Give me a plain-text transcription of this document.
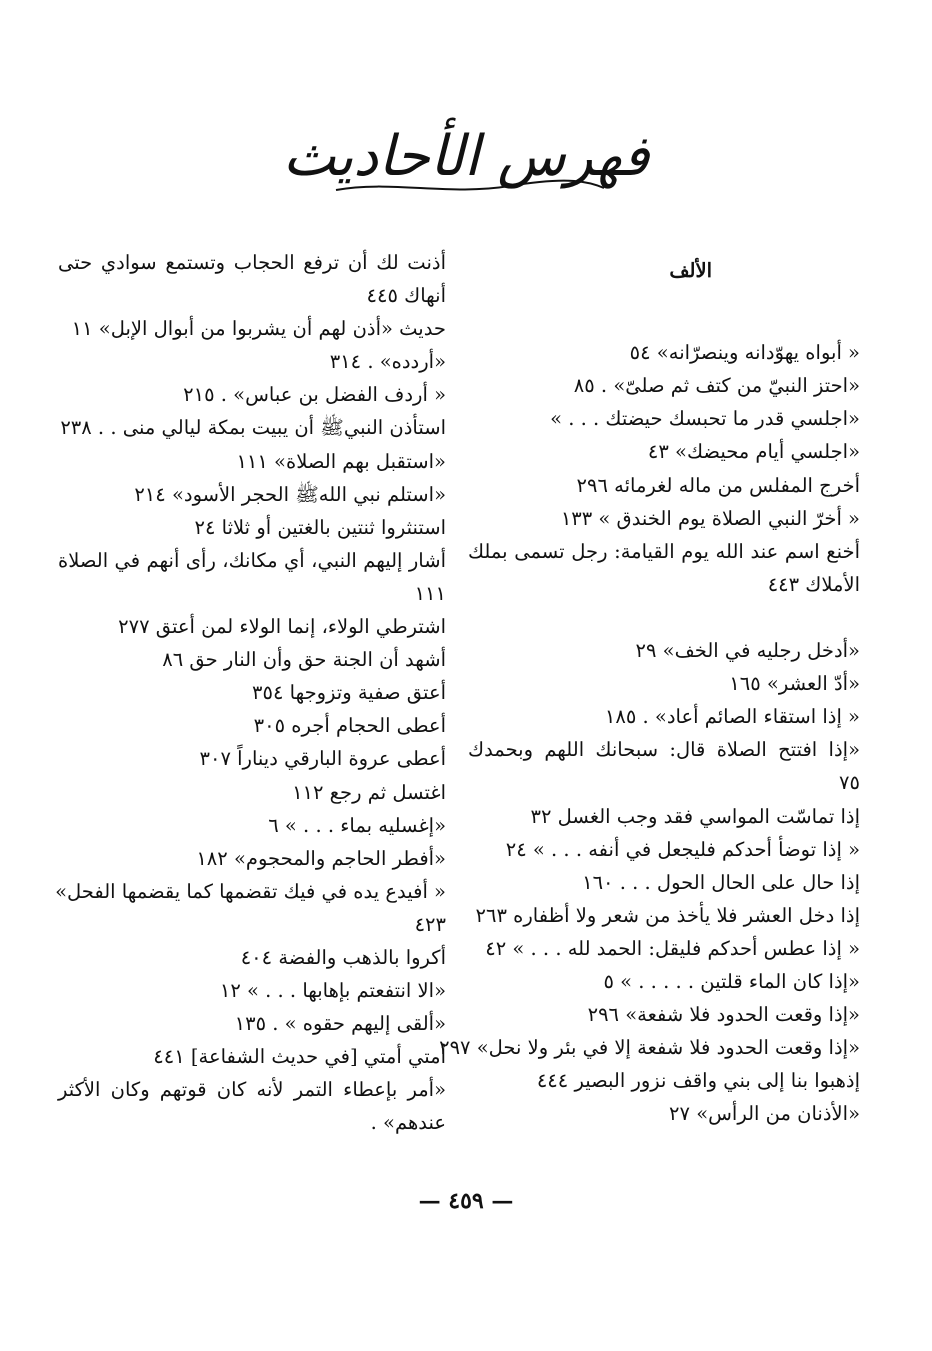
فهرس الأحاديث
الألف
« أبواه يهوّدانه وينصرّانه» ٥٤
«احتز النبيّ من كتف ثم صلىّ» . ٨٥
«اجلسي قدر ما تحبسك حيضتك . . . »
«اجلسي أيام محيضك» ٤٣
أخرج المفلس من ماله لغرمائه ٢٩٦
« أخرّ النبي الصلاة يوم الخندق » ١٣٣
أخنع اسم عند الله يوم القيامة: رجل تسمى بملك
الأملاك ٤٤٣
«أدخل رجليه في الخف» ٢٩
«أدّ العشر» ١٦٥
« إذا استقاء الصائم أعاد» . ١٨٥
«إذا افتتح الصلاة قال: سبحانك اللهم وبحمدك
٧٥
إذا تماسّت المواسي فقد وجب الغسل ٣٢
« إذا توضأ أحدكم فليجعل في أنفه . . . » ٢٤
إذا حال على الحال الحول . . . ١٦٠
إذا دخل العشر فلا يأخذ من شعر ولا أظفاره ٢٦٣
« إذا عطس أحدكم فليقل: الحمد لله . . . » ٤٢
«إذا كان الماء قلتين . . . . . » ٥
«إذا وقعت الحدود فلا شفعة» ٢٩٦
«إذا وقعت الحدود فلا شفعة إلا في بئر ولا نحل» ٢٩٧
إذهبوا بنا إلى بني واقف نزور البصير ٤٤٤
«الأذنان من الرأس» ٢٧
أذنت لك أن ترفع الحجاب وتستمع سوادي حتى
أنهاك ٤٤٥
حديث «أذن لهم أن يشربوا من أبوال الإبل» ١١
«أردده» . ٣١٤
« أردف الفضل بن عباس» . ٢١٥
استأذن النبيﷺ أن يبيت بمكة ليالي منى . . ٢٣٨
«استقبل بهم الصلاة» ١١١
«استلم نبي اللهﷺ الحجر الأسود» ٢١٤
استنثروا ثنتين بالغتين أو ثلاثا ٢٤
أشار إليهم النبي، أي مكانك، رأى أنهم في الصلاة
١١١
اشترطي الولاء، إنما الولاء لمن أعتق ٢٧٧
أشهد أن الجنة حق وأن النار حق ٨٦
أعتق صفية وتزوجها ٣٥٤
أعطى الحجام أجره ٣٠٥
أعطى عروة البارقي ديناراً ٣٠٧
اغتسل ثم رجع ١١٢
«إغسليه بماء . . . » ٦
«أفطر الحاجم والمحجوم» ١٨٢
« أفيدع يده في فيك تقضمها كما يقضمها الفحل»
٤٢٣
أكروا بالذهب والفضة ٤٠٤
«الا انتفعتم بإهابها . . . » ١٢
«ألقى إليهم حقوه » . ١٣٥
أمتي أمتي [في حديث الشفاعة] ٤٤١
«أمر بإعطاء التمر لأنه كان قوتهم وكان الأكثر
عندهم» .
— ٤٥٩ —
